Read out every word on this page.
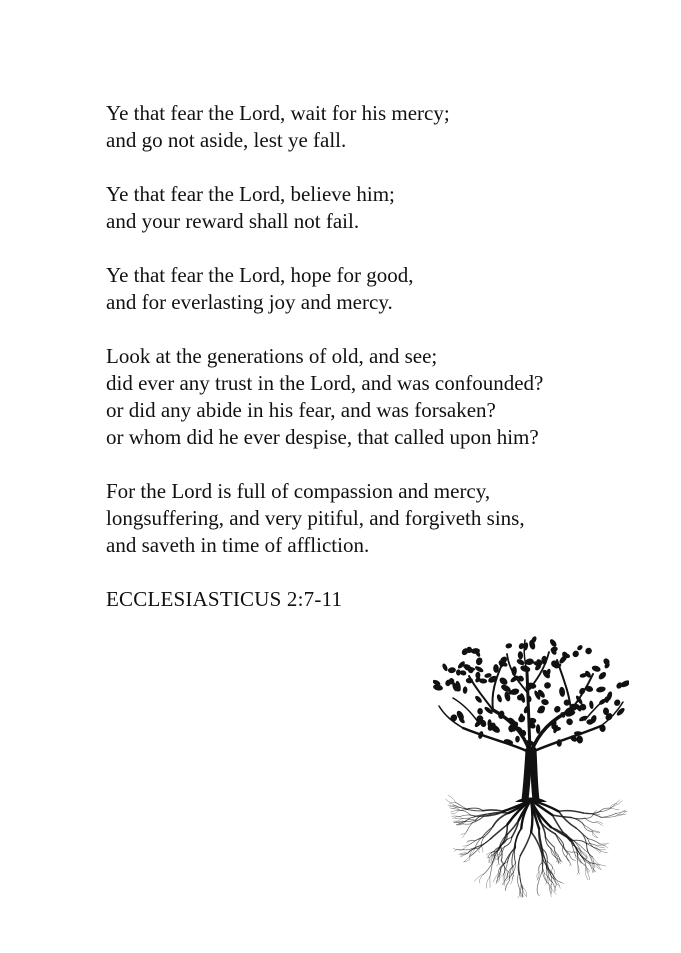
Ye that fear the Lord, wait for his mercy;
and go not aside, lest ye fall.
Ye that fear the Lord, believe him;
and your reward shall not fail.
Ye that fear the Lord, hope for good,
and for everlasting joy and mercy.
Look at the generations of old, and see;
did ever any trust in the Lord, and was confounded?
or did any abide in his fear, and was forsaken?
or whom did he ever despise, that called upon him?
For the Lord is full of compassion and mercy,
longsuffering, and very pitiful, and forgiveth sins,
and saveth in time of affliction.
ECCLESIASTICUS 2:7-11
